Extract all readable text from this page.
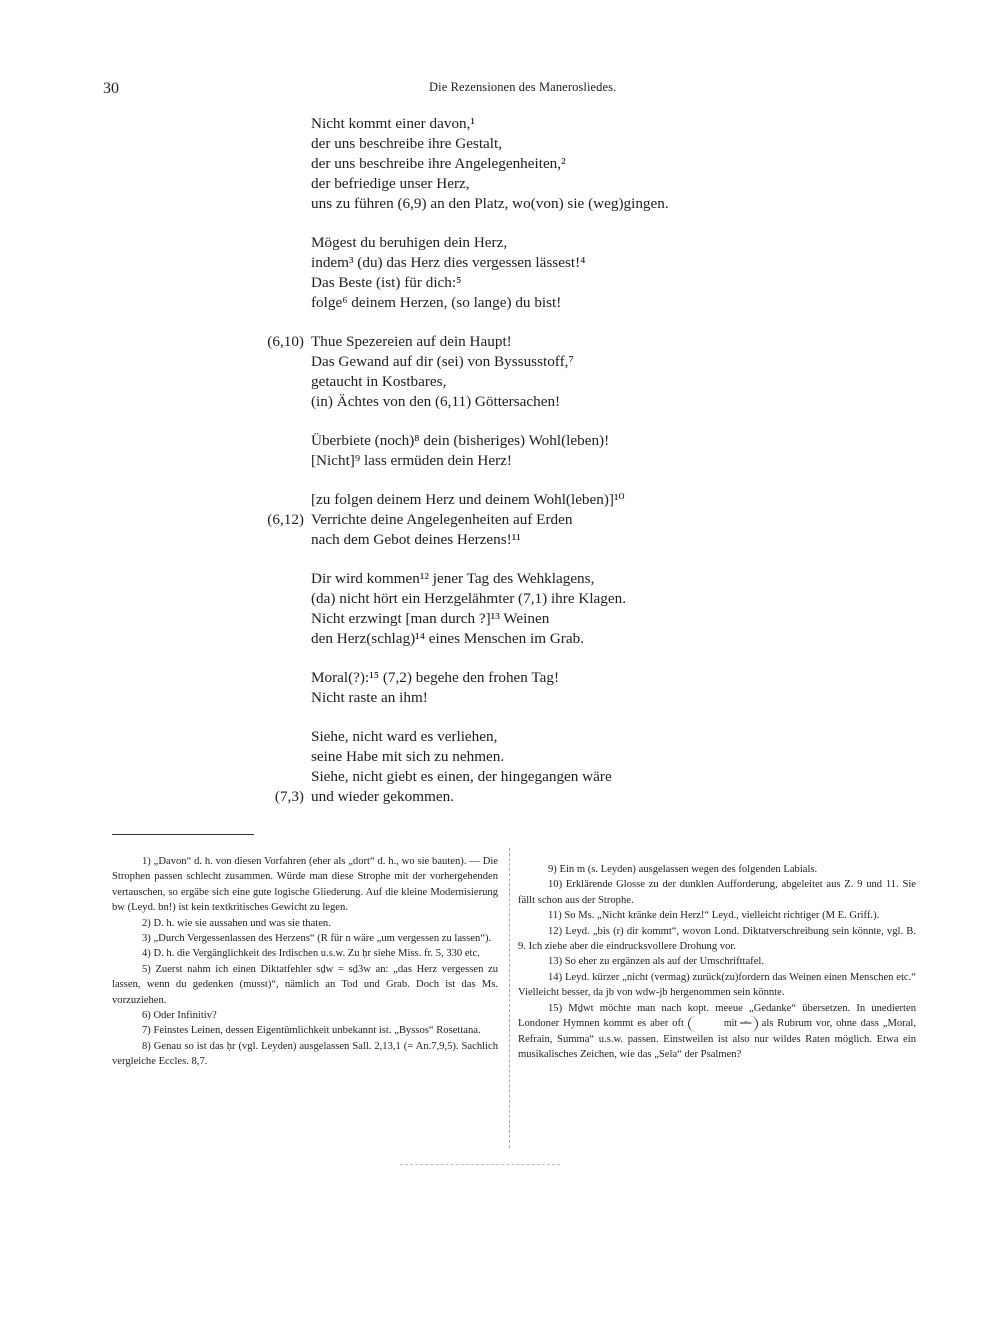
30	Die Rezensionen des Manerosliedes.
Nicht kommt einer davon,¹
der uns beschreibe ihre Gestalt,
der uns beschreibe ihre Angelegenheiten,²
der befriedige unser Herz,
uns zu führen (6,9) an den Platz, wo(von) sie (weg)gingen.
Mögest du beruhigen dein Herz,
indem³ (du) das Herz dies vergessen lässest!⁴
Das Beste (ist) für dich:⁵
folge⁶ deinem Herzen, (so lange) du bist!
(6,10) Thue Spezereien auf dein Haupt!
Das Gewand auf dir (sei) von Byssusstoff,⁷
getaucht in Kostbares,
(in) Ächtes von den (6,11) Göttersachen!
Überbiete (noch)⁸ dein (bisheriges) Wohl(leben)!
[Nicht]⁹ lass ermüden dein Herz!
[zu folgen deinem Herz und deinem Wohl(leben)]¹⁰
(6,12) Verrichte deine Angelegenheiten auf Erden
nach dem Gebot deines Herzens!¹¹
Dir wird kommen¹² jener Tag des Wehklagens,
(da) nicht hört ein Herzgelähmter (7,1) ihre Klagen.
Nicht erzwingt [man durch ?]¹³ Weinen
den Herz(schlag)¹⁴ eines Menschen im Grab.
Moral(?):¹⁵ (7,2) begehe den frohen Tag!
Nicht raste an ihm!
Siehe, nicht ward es verliehen,
seine Habe mit sich zu nehmen.
Siehe, nicht giebt es einen, der hingegangen wäre
(7,3) und wieder gekommen.

1) „Davon“ d. h. von diesen Vorfahren (eher als „dort“ d. h., wo sie bauten). — Die Strophen passen schlecht zusammen. Würde man diese Strophe mit der vorhergehenden vertauschen, so ergäbe sich eine gute logische Gliederung. Auf die kleine Modernisierung bw (Leyd. bn!) ist kein textkritisches Gewicht zu legen.

2) D. h. wie sie aussahen und was sie thaten.

3) „Durch Vergessenlassen des Herzens“ (R für n wäre „um vergessen zu lassen“).

4) D. h. die Vergänglichkeit des Irdischen u.s.w. Zu ḥr siehe Miss. fr. 5, 330 etc.

5) Zuerst nahm ich einen Diktatfehler sḏw = sḏ3w an: „das Herz vergessen zu lassen, wenn du gedenken (musst)“, nämlich an Tod und Grab. Doch ist das Ms. vorzuziehen.

6) Oder Infinitiv?

7) Feinstes Leinen, dessen Eigentümlichkeit unbekannt ist. „Byssos“ Rosettana.

8) Genau so ist das ḥr (vgl. Leyden) ausgelassen Sall. 2,13,1 (= An.7,9,5). Sachlich vergleiche Eccles. 8,7.

9) Ein m (s. Leyden) ausgelassen wegen des folgenden Labials.

10) Erklärende Glosse zu der dunklen Aufforderung, abgeleitet aus Z. 9 und 11. Sie fällt schon aus der Strophe.

11) So Ms. „Nicht kränke dein Herz!“ Leyd., vielleicht richtiger (M E. Griff.).

12) Leyd. „bis (r) dir kommt“, wovon Lond. Diktatverschreibung sein könnte, vgl. B. 9. Ich ziehe aber die eindrucksvollere Drohung vor.

13) So eher zu ergänzen als auf der Umschrifttafel.

14) Leyd. kürzer „nicht (vermag) zurück(zu)fordern das Weinen einen Menschen etc.“ Vielleicht besser, da jb von wdw-jb hergenommen sein könnte.

15) Mḏwt möchte man nach kopt. meeue „Gedanke“ übersetzen. In unedierten Londoner Hymnen kommt es aber oft	mit 𓏛 als Rubrum vor, ohne dass „Moral, Refrain, Summa“ u.s.w. passen. Einstweilen ist also nur wildes Raten möglich. Etwa ein musikalisches Zeichen, wie das „Sela“ der Psalmen?
